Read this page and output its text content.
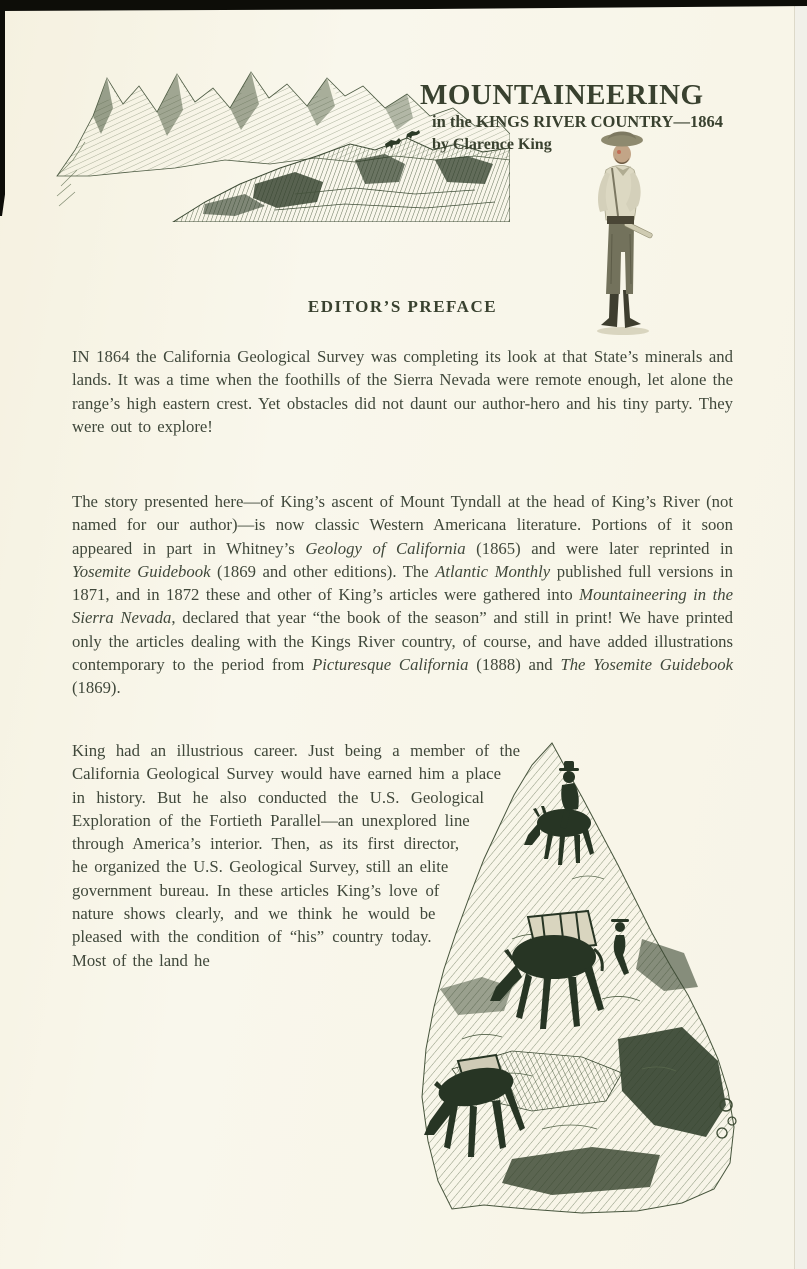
MOUNTAINEERING
in the KINGS RIVER COUNTRY—1864
by Clarence King
EDITOR’S PREFACE

IN 1864 the California Geological Survey was completing its look at that State’s minerals and lands. It was a time when the foothills of the Sierra Nevada were remote enough, let alone the range’s high eastern crest. Yet obstacles did not daunt our author-hero and his tiny party. They were out to explore!

The story presented here—of King’s ascent of Mount Tyndall at the head of King’s River (not named for our author)—is now classic Western Americana literature. Portions of it soon appeared in part in Whitney’s Geology of California (1865) and were later reprinted in Yosemite Guidebook (1869 and other editions). The Atlantic Monthly published full versions in 1871, and in 1872 these and other of King’s articles were gathered into Mountaineering in the Sierra Nevada, declared that year “the book of the season” and still in print! We have printed only the articles dealing with the Kings River country, of course, and have added illustrations contemporary to the period from Picturesque California (1888) and The Yosemite Guidebook (1869).

King had an illustrious career. Just being a member of the California Geological Survey would have earned him a place in history. But he also conducted the U.S. Geological Exploration of the Fortieth Parallel—an unexplored line through America’s interior. Then, as its first director, he organized the U.S. Geological Survey, still an elite government bureau. In these articles King’s love of nature shows clearly, and we think he would be pleased with the condition of “his” country today. Most of the land he
